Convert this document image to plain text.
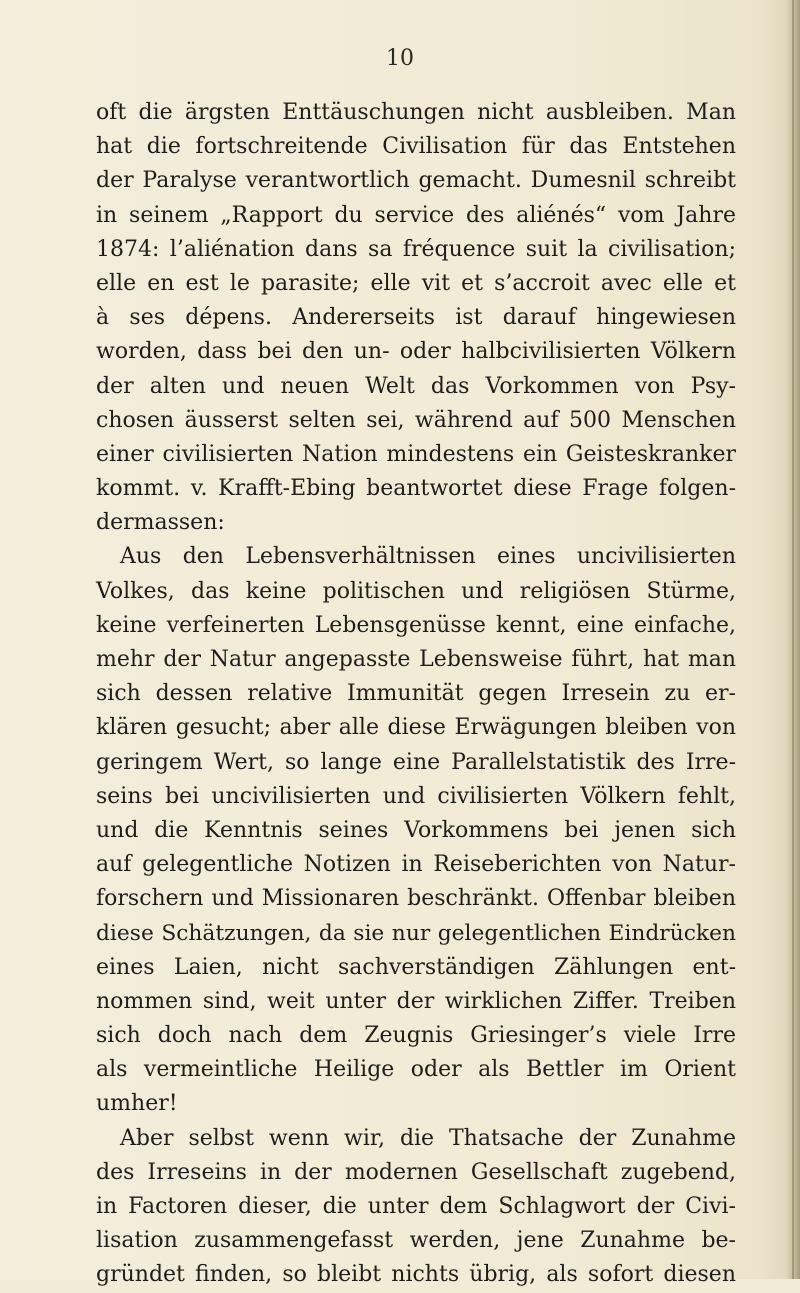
10

oft die ärgsten Enttäuschungen nicht ausbleiben. Man

hat die fortschreitende Civilisation für das Entstehen

der Paralyse verantwortlich gemacht. Dumesnil schreibt

in seinem „Rapport du service des aliénés“ vom Jahre

1874: l’aliénation dans sa fréquence suit la civilisation;

elle en est le parasite; elle vit et s’accroit avec elle et

à ses dépens. Andererseits ist darauf hingewiesen

worden, dass bei den un- oder halbcivilisierten Völkern

der alten und neuen Welt das Vorkommen von Psy-

chosen äusserst selten sei, während auf 500 Menschen

einer civilisierten Nation mindestens ein Geisteskranker

kommt. v. Krafft-Ebing beantwortet diese Frage folgen-

dermassen:

Aus den Lebensverhältnissen eines uncivilisierten

Volkes, das keine politischen und religiösen Stürme,

keine verfeinerten Lebensgenüsse kennt, eine einfache,

mehr der Natur angepasste Lebensweise führt, hat man

sich dessen relative Immunität gegen Irresein zu er-

klären gesucht; aber alle diese Erwägungen bleiben von

geringem Wert, so lange eine Parallelstatistik des Irre-

seins bei uncivilisierten und civilisierten Völkern fehlt,

und die Kenntnis seines Vorkommens bei jenen sich

auf gelegentliche Notizen in Reiseberichten von Natur-

forschern und Missionaren beschränkt. Offenbar bleiben

diese Schätzungen, da sie nur gelegentlichen Eindrücken

eines Laien, nicht sachverständigen Zählungen ent-

nommen sind, weit unter der wirklichen Ziffer. Treiben

sich doch nach dem Zeugnis Griesinger’s viele Irre

als vermeintliche Heilige oder als Bettler im Orient

umher!

Aber selbst wenn wir, die Thatsache der Zunahme

des Irreseins in der modernen Gesellschaft zugebend,

in Factoren dieser, die unter dem Schlagwort der Civi-

lisation zusammengefasst werden, jene Zunahme be-

gründet finden, so bleibt nichts übrig, als sofort diesen
